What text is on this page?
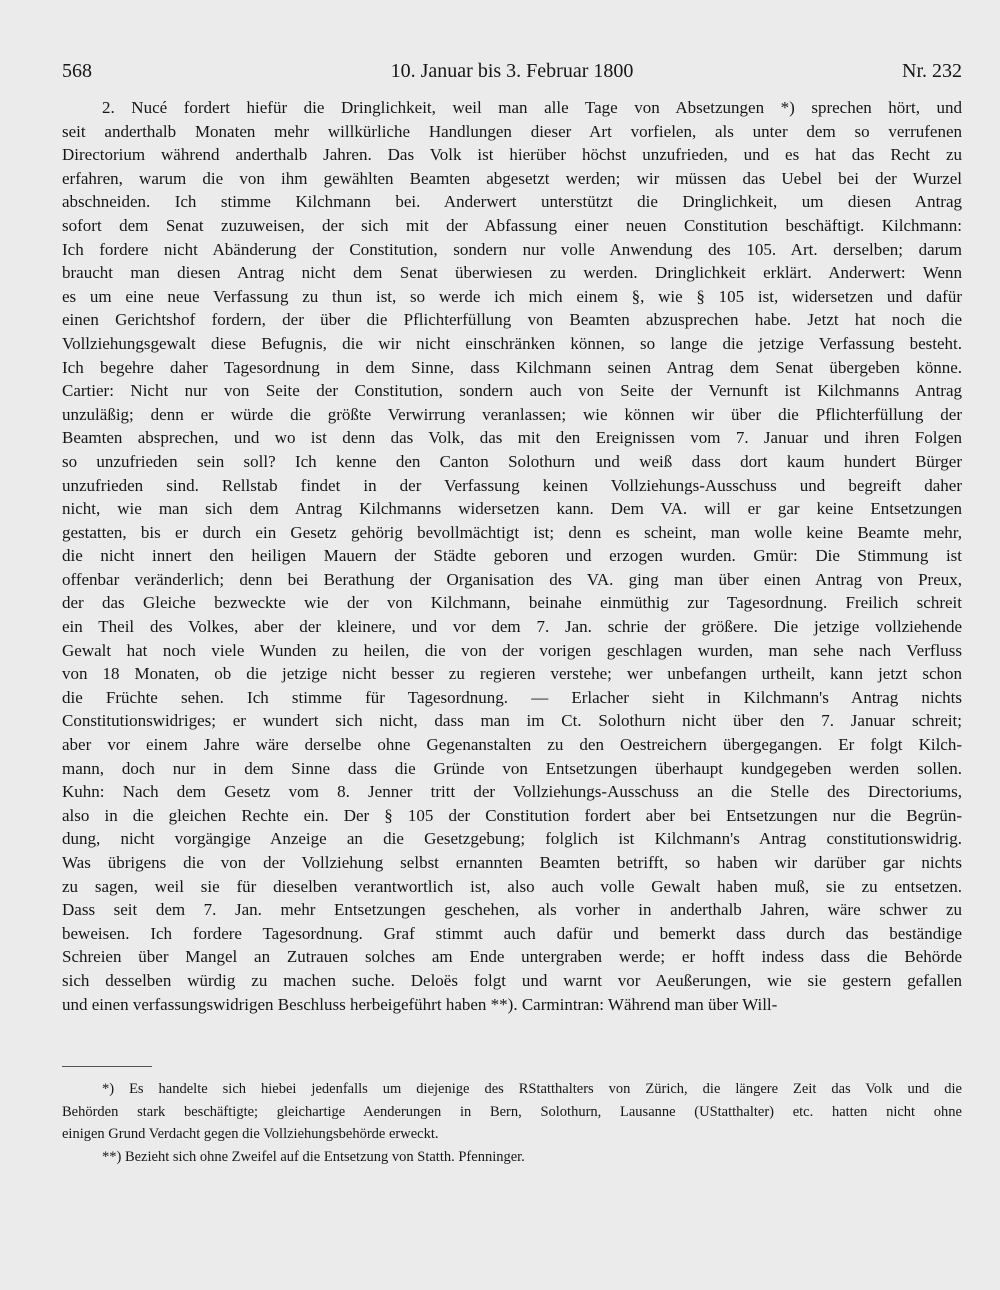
568	10. Januar bis 3. Februar 1800	Nr. 232
2. Nucé fordert hiefür die Dringlichkeit, weil man alle Tage von Absetzungen *) sprechen hört, und
seit anderthalb Monaten mehr willkürliche Handlungen dieser Art vorfielen, als unter dem so verrufenen
Directorium während anderthalb Jahren. Das Volk ist hierüber höchst unzufrieden, und es hat das Recht zu
erfahren, warum die von ihm gewählten Beamten abgesetzt werden; wir müssen das Uebel bei der Wurzel
abschneiden. Ich stimme Kilchmann bei. Anderwert unterstützt die Dringlichkeit, um diesen Antrag
sofort dem Senat zuzuweisen, der sich mit der Abfassung einer neuen Constitution beschäftigt. Kilchmann:
Ich fordere nicht Abänderung der Constitution, sondern nur volle Anwendung des 105. Art. derselben; darum
braucht man diesen Antrag nicht dem Senat überwiesen zu werden. Dringlichkeit erklärt. Anderwert: Wenn
es um eine neue Verfassung zu thun ist, so werde ich mich einem §, wie § 105 ist, widersetzen und dafür
einen Gerichtshof fordern, der über die Pflichterfüllung von Beamten abzusprechen habe. Jetzt hat noch die
Vollziehungsgewalt diese Befugnis, die wir nicht einschränken können, so lange die jetzige Verfassung besteht.
Ich begehre daher Tagesordnung in dem Sinne, dass Kilchmann seinen Antrag dem Senat übergeben könne.
Cartier: Nicht nur von Seite der Constitution, sondern auch von Seite der Vernunft ist Kilchmanns Antrag
unzuläßig; denn er würde die größte Verwirrung veranlassen; wie können wir über die Pflichterfüllung der
Beamten absprechen, und wo ist denn das Volk, das mit den Ereignissen vom 7. Januar und ihren Folgen
so unzufrieden sein soll? Ich kenne den Canton Solothurn und weiß dass dort kaum hundert Bürger
unzufrieden sind. Rellstab findet in der Verfassung keinen Vollziehungs-Ausschuss und begreift daher
nicht, wie man sich dem Antrag Kilchmanns widersetzen kann. Dem VA. will er gar keine Entsetzungen
gestatten, bis er durch ein Gesetz gehörig bevollmächtigt ist; denn es scheint, man wolle keine Beamte mehr,
die nicht innert den heiligen Mauern der Städte geboren und erzogen wurden. Gmür: Die Stimmung ist
offenbar veränderlich; denn bei Berathung der Organisation des VA. ging man über einen Antrag von Preux,
der das Gleiche bezweckte wie der von Kilchmann, beinahe einmüthig zur Tagesordnung. Freilich schreit
ein Theil des Volkes, aber der kleinere, und vor dem 7. Jan. schrie der größere. Die jetzige vollziehende
Gewalt hat noch viele Wunden zu heilen, die von der vorigen geschlagen wurden, man sehe nach Verfluss
von 18 Monaten, ob die jetzige nicht besser zu regieren verstehe; wer unbefangen urtheilt, kann jetzt schon
die Früchte sehen. Ich stimme für Tagesordnung. — Erlacher sieht in Kilchmann's Antrag nichts
Constitutionswidriges; er wundert sich nicht, dass man im Ct. Solothurn nicht über den 7. Januar schreit;
aber vor einem Jahre wäre derselbe ohne Gegenanstalten zu den Oestreichern übergegangen. Er folgt Kilch-
mann, doch nur in dem Sinne dass die Gründe von Entsetzungen überhaupt kundgegeben werden sollen.
Kuhn: Nach dem Gesetz vom 8. Jenner tritt der Vollziehungs-Ausschuss an die Stelle des Directoriums,
also in die gleichen Rechte ein. Der § 105 der Constitution fordert aber bei Entsetzungen nur die Begrün-
dung, nicht vorgängige Anzeige an die Gesetzgebung; folglich ist Kilchmann's Antrag constitutionswidrig.
Was übrigens die von der Vollziehung selbst ernannten Beamten betrifft, so haben wir darüber gar nichts
zu sagen, weil sie für dieselben verantwortlich ist, also auch volle Gewalt haben muß, sie zu entsetzen.
Dass seit dem 7. Jan. mehr Entsetzungen geschehen, als vorher in anderthalb Jahren, wäre schwer zu
beweisen. Ich fordere Tagesordnung. Graf stimmt auch dafür und bemerkt dass durch das beständige
Schreien über Mangel an Zutrauen solches am Ende untergraben werde; er hofft indess dass die Behörde
sich desselben würdig zu machen suche. Deloës folgt und warnt vor Aeußerungen, wie sie gestern gefallen
und einen verfassungswidrigen Beschluss herbeigeführt haben **). Carmintran: Während man über Will-
*) Es handelte sich hiebei jedenfalls um diejenige des RStatthalters von Zürich, die längere Zeit das Volk und die
Behörden stark beschäftigte; gleichartige Aenderungen in Bern, Solothurn, Lausanne (UStatthalter) etc. hatten nicht ohne
einigen Grund Verdacht gegen die Vollziehungsbehörde erweckt.
**) Bezieht sich ohne Zweifel auf die Entsetzung von Statth. Pfenninger.
